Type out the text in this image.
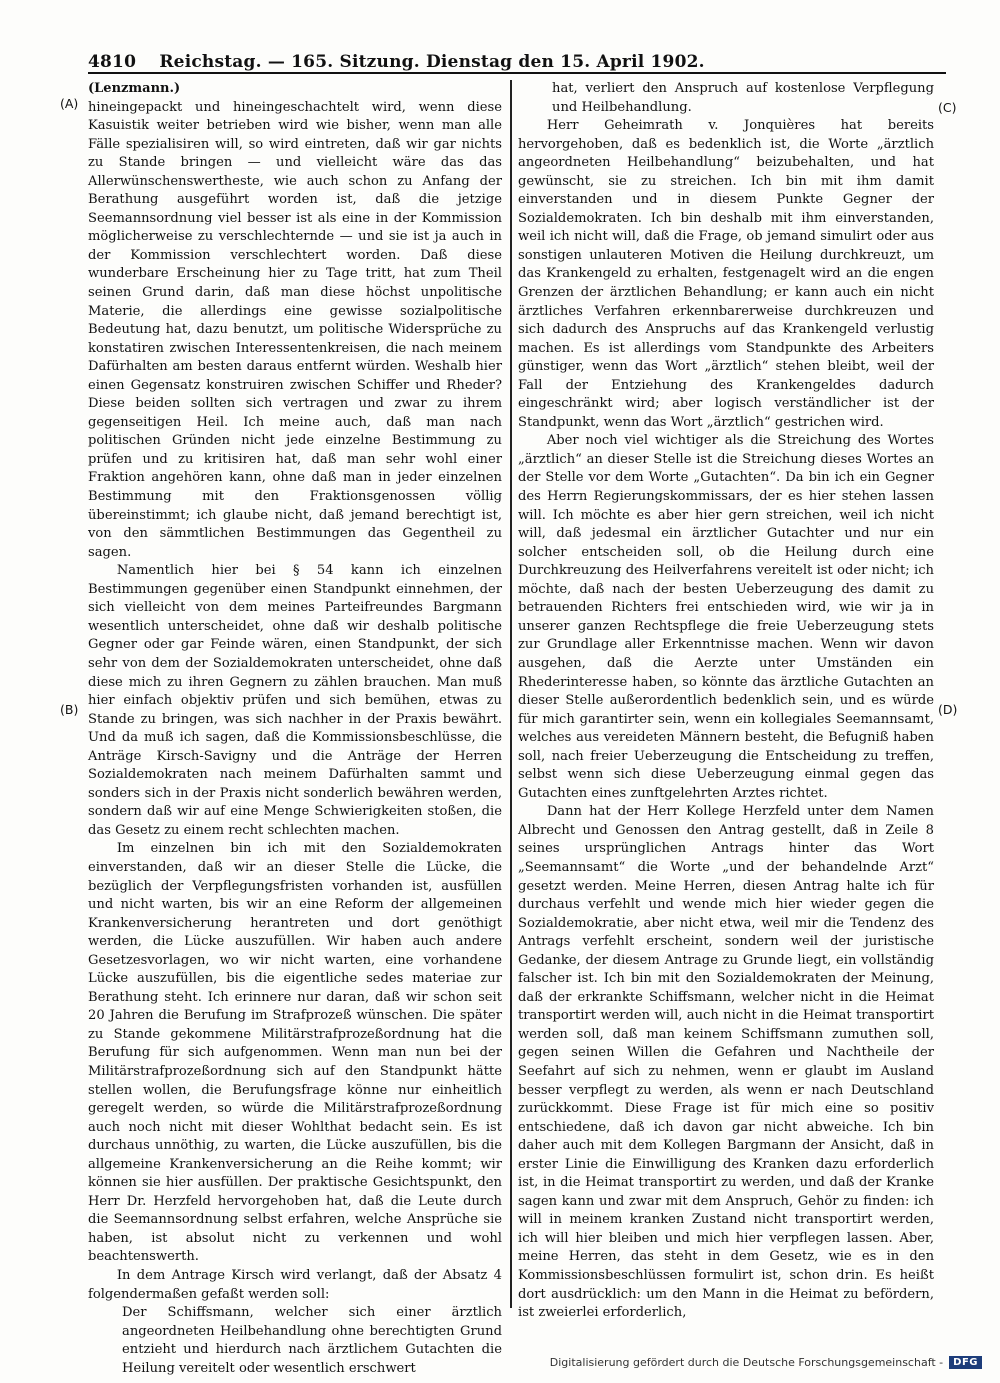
4810	Reichstag. — 165. Sitzung. Dienstag den 15. April 1902.
(A)
(B)
(C)
(D)

(Lenzmann.)

hineingepackt und hineingeschachtelt wird, wenn diese Kasuistik weiter betrieben wird wie bisher, wenn man alle Fälle spezialisiren will, so wird eintreten, daß wir gar nichts zu Stande bringen — und vielleicht wäre das das Allerwünschenswertheste, wie auch schon zu Anfang der Berathung ausgeführt worden ist, daß die jetzige Seemannsordnung viel besser ist als eine in der Kommission möglicherweise zu verschlechternde — und sie ist ja auch in der Kommission verschlechtert worden. Daß diese wunderbare Erscheinung hier zu Tage tritt, hat zum Theil seinen Grund darin, daß man diese höchst unpolitische Materie, die allerdings eine gewisse sozialpolitische Bedeutung hat, dazu benutzt, um politische Widersprüche zu konstatiren zwischen Interessentenkreisen, die nach meinem Dafürhalten am besten daraus entfernt würden. Weshalb hier einen Gegensatz konstruiren zwischen Schiffer und Rheder? Diese beiden sollten sich vertragen und zwar zu ihrem gegenseitigen Heil. Ich meine auch, daß man nach politischen Gründen nicht jede einzelne Bestimmung zu prüfen und zu kritisiren hat, daß man sehr wohl einer Fraktion angehören kann, ohne daß man in jeder einzelnen Bestimmung mit den Fraktionsgenossen völlig übereinstimmt; ich glaube nicht, daß jemand berechtigt ist, von den sämmtlichen Bestimmungen das Gegentheil zu sagen.

Namentlich hier bei § 54 kann ich einzelnen Bestimmungen gegenüber einen Standpunkt einnehmen, der sich vielleicht von dem meines Parteifreundes Bargmann wesentlich unterscheidet, ohne daß wir deshalb politische Gegner oder gar Feinde wären, einen Standpunkt, der sich sehr von dem der Sozialdemokraten unterscheidet, ohne daß diese mich zu ihren Gegnern zu zählen brauchen. Man muß hier einfach objektiv prüfen und sich bemühen, etwas zu Stande zu bringen, was sich nachher in der Praxis bewährt. Und da muß ich sagen, daß die Kommissionsbeschlüsse, die Anträge Kirsch-Savigny und die Anträge der Herren Sozialdemokraten nach meinem Dafürhalten sammt und sonders sich in der Praxis nicht sonderlich bewähren werden, sondern daß wir auf eine Menge Schwierigkeiten stoßen, die das Gesetz zu einem recht schlechten machen.

Im einzelnen bin ich mit den Sozialdemokraten einverstanden, daß wir an dieser Stelle die Lücke, die bezüglich der Verpflegungsfristen vorhanden ist, ausfüllen und nicht warten, bis wir an eine Reform der allgemeinen Krankenversicherung herantreten und dort genöthigt werden, die Lücke auszufüllen. Wir haben auch andere Gesetzesvorlagen, wo wir nicht warten, eine vorhandene Lücke auszufüllen, bis die eigentliche sedes materiae zur Berathung steht. Ich erinnere nur daran, daß wir schon seit 20 Jahren die Berufung im Strafprozeß wünschen. Die später zu Stande gekommene Militärstrafprozeßordnung hat die Berufung für sich aufgenommen. Wenn man nun bei der Militärstrafprozeßordnung sich auf den Standpunkt hätte stellen wollen, die Berufungsfrage könne nur einheitlich geregelt werden, so würde die Militärstrafprozeßordnung auch noch nicht mit dieser Wohlthat bedacht sein. Es ist durchaus unnöthig, zu warten, die Lücke auszufüllen, bis die allgemeine Krankenversicherung an die Reihe kommt; wir können sie hier ausfüllen. Der praktische Gesichtspunkt, den Herr Dr. Herzfeld hervorgehoben hat, daß die Leute durch die Seemannsordnung selbst erfahren, welche Ansprüche sie haben, ist absolut nicht zu verkennen und wohl beachtenswerth.

In dem Antrage Kirsch wird verlangt, daß der Absatz 4 folgendermaßen gefaßt werden soll:

Der Schiffsmann, welcher sich einer ärztlich angeordneten Heilbehandlung ohne berechtigten Grund entzieht und hierdurch nach ärztlichem Gutachten die Heilung vereitelt oder wesentlich erschwert

hat, verliert den Anspruch auf kostenlose Verpflegung und Heilbehandlung.

Herr Geheimrath v. Jonquières hat bereits hervorgehoben, daß es bedenklich ist, die Worte „ärztlich angeordneten Heilbehandlung“ beizubehalten, und hat gewünscht, sie zu streichen. Ich bin mit ihm damit einverstanden und in diesem Punkte Gegner der Sozialdemokraten. Ich bin deshalb mit ihm einverstanden, weil ich nicht will, daß die Frage, ob jemand simulirt oder aus sonstigen unlauteren Motiven die Heilung durchkreuzt, um das Krankengeld zu erhalten, festgenagelt wird an die engen Grenzen der ärztlichen Behandlung; er kann auch ein nicht ärztliches Verfahren erkennbarerweise durchkreuzen und sich dadurch des Anspruchs auf das Krankengeld verlustig machen. Es ist allerdings vom Standpunkte des Arbeiters günstiger, wenn das Wort „ärztlich“ stehen bleibt, weil der Fall der Entziehung des Krankengeldes dadurch eingeschränkt wird; aber logisch verständlicher ist der Standpunkt, wenn das Wort „ärztlich“ gestrichen wird.

Aber noch viel wichtiger als die Streichung des Wortes „ärztlich“ an dieser Stelle ist die Streichung dieses Wortes an der Stelle vor dem Worte „Gutachten“. Da bin ich ein Gegner des Herrn Regierungskommissars, der es hier stehen lassen will. Ich möchte es aber hier gern streichen, weil ich nicht will, daß jedesmal ein ärztlicher Gutachter und nur ein solcher entscheiden soll, ob die Heilung durch eine Durchkreuzung des Heilverfahrens vereitelt ist oder nicht; ich möchte, daß nach der besten Ueberzeugung des damit zu betrauenden Richters frei entschieden wird, wie wir ja in unserer ganzen Rechtspflege die freie Ueberzeugung stets zur Grundlage aller Erkenntnisse machen. Wenn wir davon ausgehen, daß die Aerzte unter Umständen ein Rhederinteresse haben, so könnte das ärztliche Gutachten an dieser Stelle außerordentlich bedenklich sein, und es würde für mich garantirter sein, wenn ein kollegiales Seemannsamt, welches aus vereideten Männern besteht, die Befugniß haben soll, nach freier Ueberzeugung die Entscheidung zu treffen, selbst wenn sich diese Ueberzeugung einmal gegen das Gutachten eines zunftgelehrten Arztes richtet.

Dann hat der Herr Kollege Herzfeld unter dem Namen Albrecht und Genossen den Antrag gestellt, daß in Zeile 8 seines ursprünglichen Antrags hinter das Wort „Seemannsamt“ die Worte „und der behandelnde Arzt“ gesetzt werden. Meine Herren, diesen Antrag halte ich für durchaus verfehlt und wende mich hier wieder gegen die Sozialdemokratie, aber nicht etwa, weil mir die Tendenz des Antrags verfehlt erscheint, sondern weil der juristische Gedanke, der diesem Antrage zu Grunde liegt, ein vollständig falscher ist. Ich bin mit den Sozialdemokraten der Meinung, daß der erkrankte Schiffsmann, welcher nicht in die Heimat transportirt werden will, auch nicht in die Heimat transportirt werden soll, daß man keinem Schiffsmann zumuthen soll, gegen seinen Willen die Gefahren und Nachtheile der Seefahrt auf sich zu nehmen, wenn er glaubt im Ausland besser verpflegt zu werden, als wenn er nach Deutschland zurückkommt. Diese Frage ist für mich eine so positiv entschiedene, daß ich davon gar nicht abweiche. Ich bin daher auch mit dem Kollegen Bargmann der Ansicht, daß in erster Linie die Einwilligung des Kranken dazu erforderlich ist, in die Heimat transportirt zu werden, und daß der Kranke sagen kann und zwar mit dem Anspruch, Gehör zu finden: ich will in meinem kranken Zustand nicht transportirt werden, ich will hier bleiben und mich hier verpflegen lassen. Aber, meine Herren, das steht in dem Gesetz, wie es in den Kommissionsbeschlüssen formulirt ist, schon drin. Es heißt dort ausdrücklich: um den Mann in die Heimat zu befördern, ist zweierlei erforderlich,

Digitalisierung gefördert durch die Deutsche Forschungsgemeinschaft -	DFG
